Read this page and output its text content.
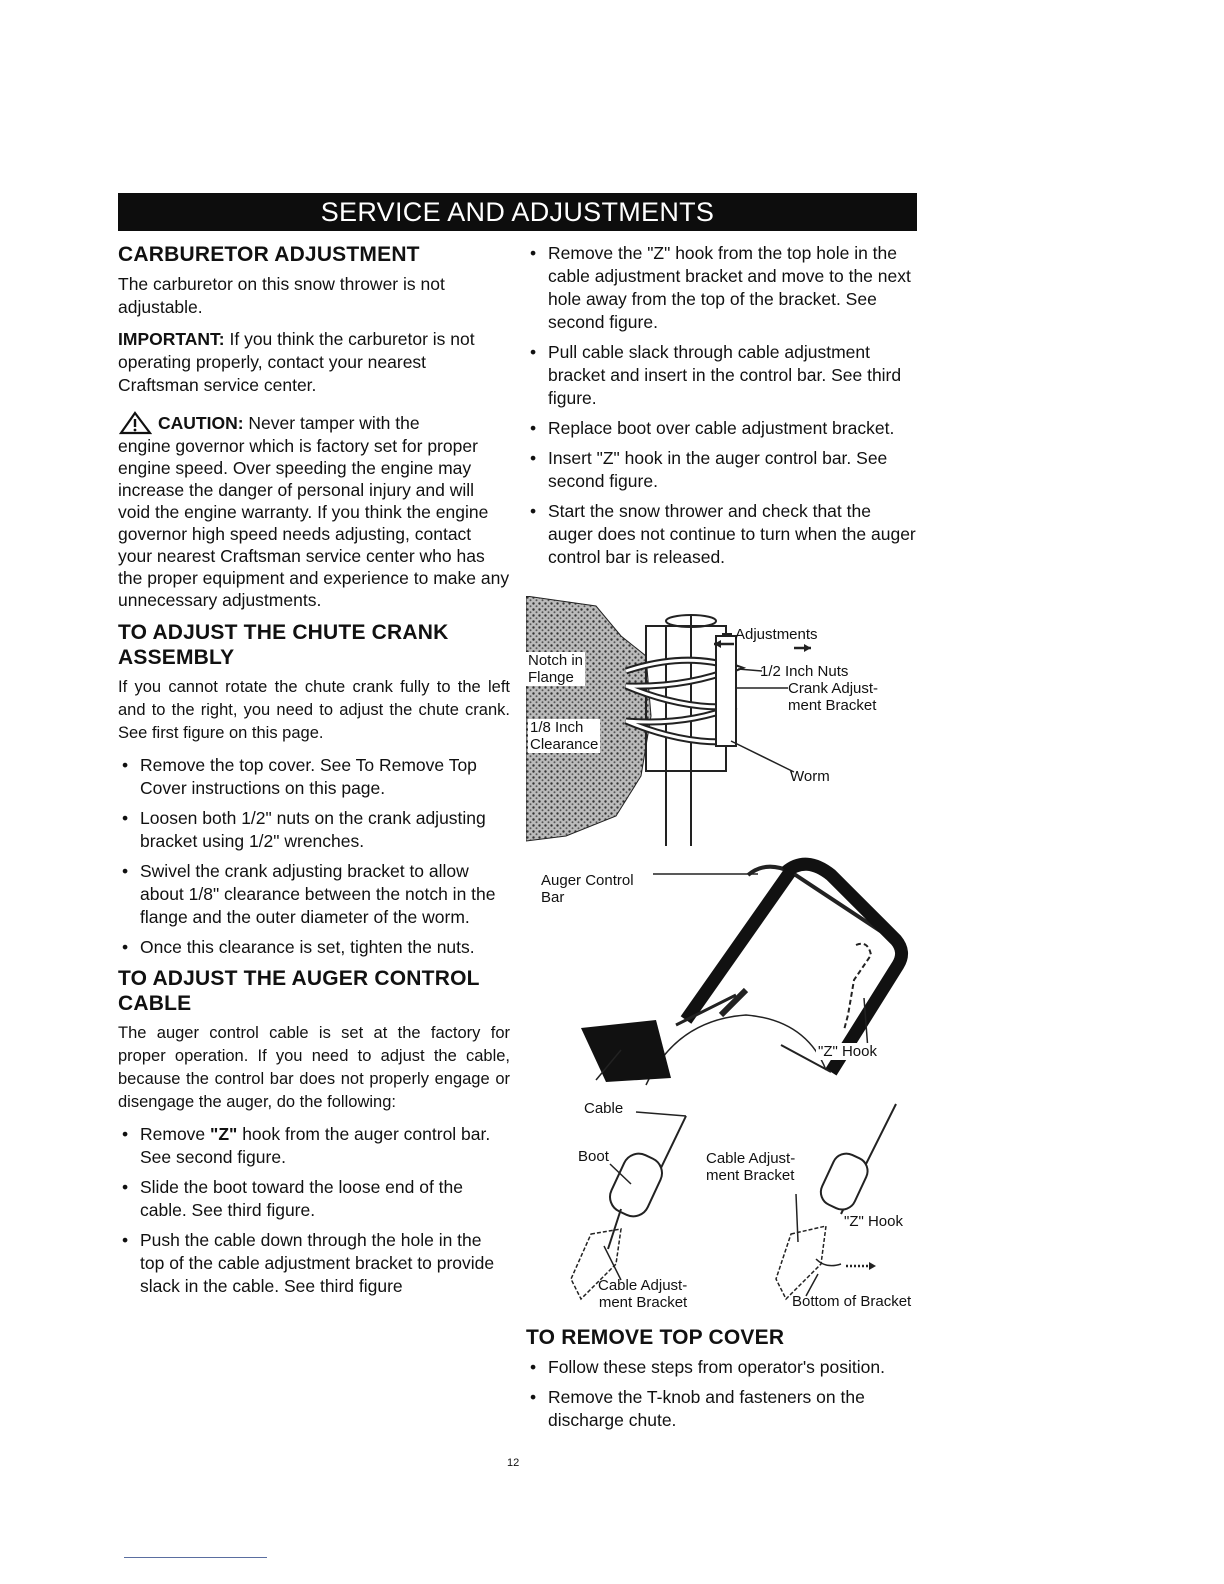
SERVICE AND ADJUSTMENTS
CARBURETOR ADJUSTMENT

The carburetor on this snow thrower is not adjustable.

IMPORTANT: If you think the carburetor is not operating properly, contact your nearest Craftsman service center.

CAUTION:
Never tamper with the
engine governor which is factory set for proper engine speed. Over speeding the engine may increase the danger of personal injury and will void the engine warranty. If you think the engine governor high speed needs adjusting, contact your nearest Craftsman service center who has the proper equipment and experience to make any unnecessary adjustments.

TO ADJUST THE CHUTE CRANK
ASSEMBLY

If you cannot rotate the chute crank fully to the left and to the right, you need to adjust the chute crank. See first figure on this page.

• Remove the top cover. See To Remove Top Cover instructions on this page.
• Loosen both 1/2" nuts on the crank adjusting bracket using 1/2" wrenches.
• Swivel the crank adjusting bracket to allow about 1/8" clearance between the notch in the flange and the outer diameter of the worm.
• Once this clearance is set, tighten the nuts.
TO ADJUST THE AUGER CONTROL
CABLE

The auger control cable is set at the factory for proper operation. If you need to adjust the cable, because the control bar does not properly engage or disengage the auger, do the following:

• Remove "Z" hook from the auger control bar. See second figure.
• Slide the boot toward the loose end of the cable. See third figure.
• Push the cable down through the hole in the top of the cable adjustment bracket to provide slack in the cable. See third figure
• Remove the "Z" hook from the top hole in the cable adjustment bracket and move to the next hole away from the top of the bracket. See second figure.
• Pull cable slack through cable adjustment bracket and insert in the control bar. See third figure.
• Replace boot over cable adjustment bracket.
• Insert "Z" hook in the auger control bar. See second figure.
• Start the snow thrower and check that the auger does not continue to turn when the auger control bar is released.
Adjustments
Notch in
Flange	1/2 Inch Nuts
Crank Adjust-
ment Bracket
1/8 Inch
Clearance
Worm
Auger Control
Bar
"Z" Hook
Cable
Boot	Cable Adjust-
ment Bracket
"Z" Hook
Cable Adjust-
ment Bracket	Bottom of Bracket
TO REMOVE TOP COVER
• Follow these steps from operator's position.
• Remove the T-knob and fasteners on the discharge chute.
12
